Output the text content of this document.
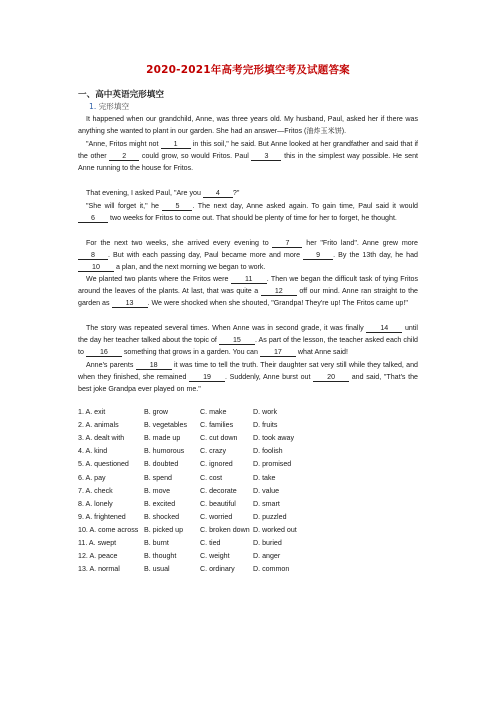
2020-2021年高考完形填空考及试题答案
一、高中英语完形填空
1. 完形填空
It happened when our grandchild, Anne, was three years old. My husband, Paul, asked her if there was anything she wanted to plant in our garden. She had an answer—Fritos (油炸玉米饼).
"Anne, Fritos might not 1 in this soil," he said. But Anne looked at her grandfather and said that if the other 2 could grow, so would Fritos. Paul 3 this in the simplest way possible. He sent Anne running to the house for Fritos.
That evening, I asked Paul, "Are you 4 ?"
"She will forget it," he 5 . The next day, Anne asked again. To gain time, Paul said it would 6 two weeks for Fritos to come out. That should be plenty of time for her to forget, he thought.
For the next two weeks, she arrived every evening to 7 her "Frito land". Anne grew more 8 . But with each passing day, Paul became more and more 9 . By the 13th day, he had 10 a plan, and the next morning we began to work.
We planted two plants where the Fritos were 11 . Then we began the difficult task of tying Fritos around the leaves of the plants. At last, that was quite a 12 off our mind. Anne ran straight to the garden as 13 . We were shocked when she shouted, "Grandpa! They're up! The Fritos came up!"
The story was repeated several times. When Anne was in second grade, it was finally 14 until the day her teacher talked about the topic of 15 . As part of the lesson, the teacher asked each child to 16 something that grows in a garden. You can 17 what Anne said!
Anne's parents 18 it was time to tell the truth. Their daughter sat very still while they talked, and when they finished, she remained 19 . Suddenly, Anne burst out 20 and said, "That's the best joke Grandpa ever played on me."
1. A. exit	B. grow	C. make	D. work
2. A. animals	B. vegetables C. families	D. fruits
3. A. dealt with	B. made up	C. cut down D. took away
4. A. kind	B. humorous C. crazy	D. foolish
5. A. questioned B. doubted	C. ignored	D. promised
6. A. pay	B. spend	C. cost	D. take
7. A. check	B. move	C. decorate D. value
8. A. lonely	B. excited	C. beautiful D. smart
9. A. frightened	B. shocked	C. worried	D. puzzled
10. A. come across B. picked up C. broken down D. worked out
11. A. swept	B. burnt	C. tied	D. buried
12. A. peace	B. thought	C. weight	D. anger
13. A. normal	B. usual	C. ordinary	D. common
